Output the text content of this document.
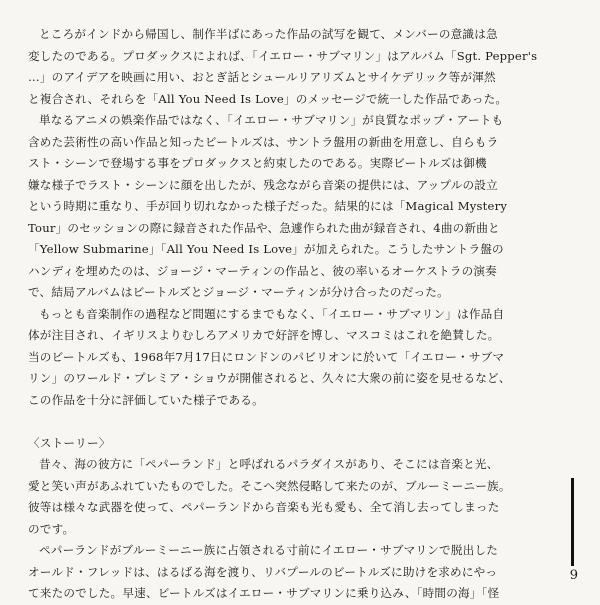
9
ところがインドから帰国し、制作半ばにあった作品の試写を観て、メンバーの意識は急
変したのである。プロダックスによれば、「イエロー・サブマリン」はアルバム「Sgt. Pepper's
…」のアイデアを映画に用い、おとぎ話とシュールリアリズムとサイケデリック等が渾然
と複合され、それらを「All You Need Is Love」のメッセージで統一した作品であった。
単なるアニメの娯楽作品ではなく、「イエロー・サブマリン」が良質なポップ・アートも
含めた芸術性の高い作品と知ったビートルズは、サントラ盤用の新曲を用意し、自らもラ
スト・シーンで登場する事をプロダックスと約束したのである。実際ビートルズは御機
嫌な様子でラスト・シーンに顔を出したが、残念ながら音楽の提供には、アップルの設立
という時期に重なり、手が回り切れなかった様子だった。結果的には「Magical Mystery
Tour」のセッションの際に録音された作品や、急遽作られた曲が録音され、4曲の新曲と
「Yellow Submarine」「All You Need Is Love」が加えられた。こうしたサントラ盤の
ハンディを埋めたのは、ジョージ・マーティンの作品と、彼の率いるオーケストラの演奏
で、結局アルバムはビートルズとジョージ・マーティンが分け合ったのだった。
もっとも音楽制作の過程など問題にするまでもなく、「イエロー・サブマリン」は作品自
体が注目され、イギリスよりむしろアメリカで好評を博し、マスコミはこれを絶賛した。
当のビートルズも、1968年7月17日にロンドンのパビリオンに於いて「イエロー・サブマ
リン」のワールド・プレミア・ショウが開催されると、久々に大衆の前に姿を見せるなど、
この作品を十分に評価していた様子である。
〈ストーリー〉
昔々、海の彼方に「ペパーランド」と呼ばれるパラダイスがあり、そこには音楽と光、
愛と笑い声があふれていたものでした。そこへ突然侵略して来たのが、ブルーミーニー族。
彼等は様々な武器を使って、ペパーランドから音楽も光も愛も、全て消し去ってしまった
のです。
ペパーランドがブルーミーニー族に占領される寸前にイエロー・サブマリンで脱出した
オールド・フレッドは、はるばる海を渡り、リバプールのビートルズに助けを求めにやっ
て来たのでした。早速、ビートルズはイエロー・サブマリンに乗り込み、「時間の海」「怪
